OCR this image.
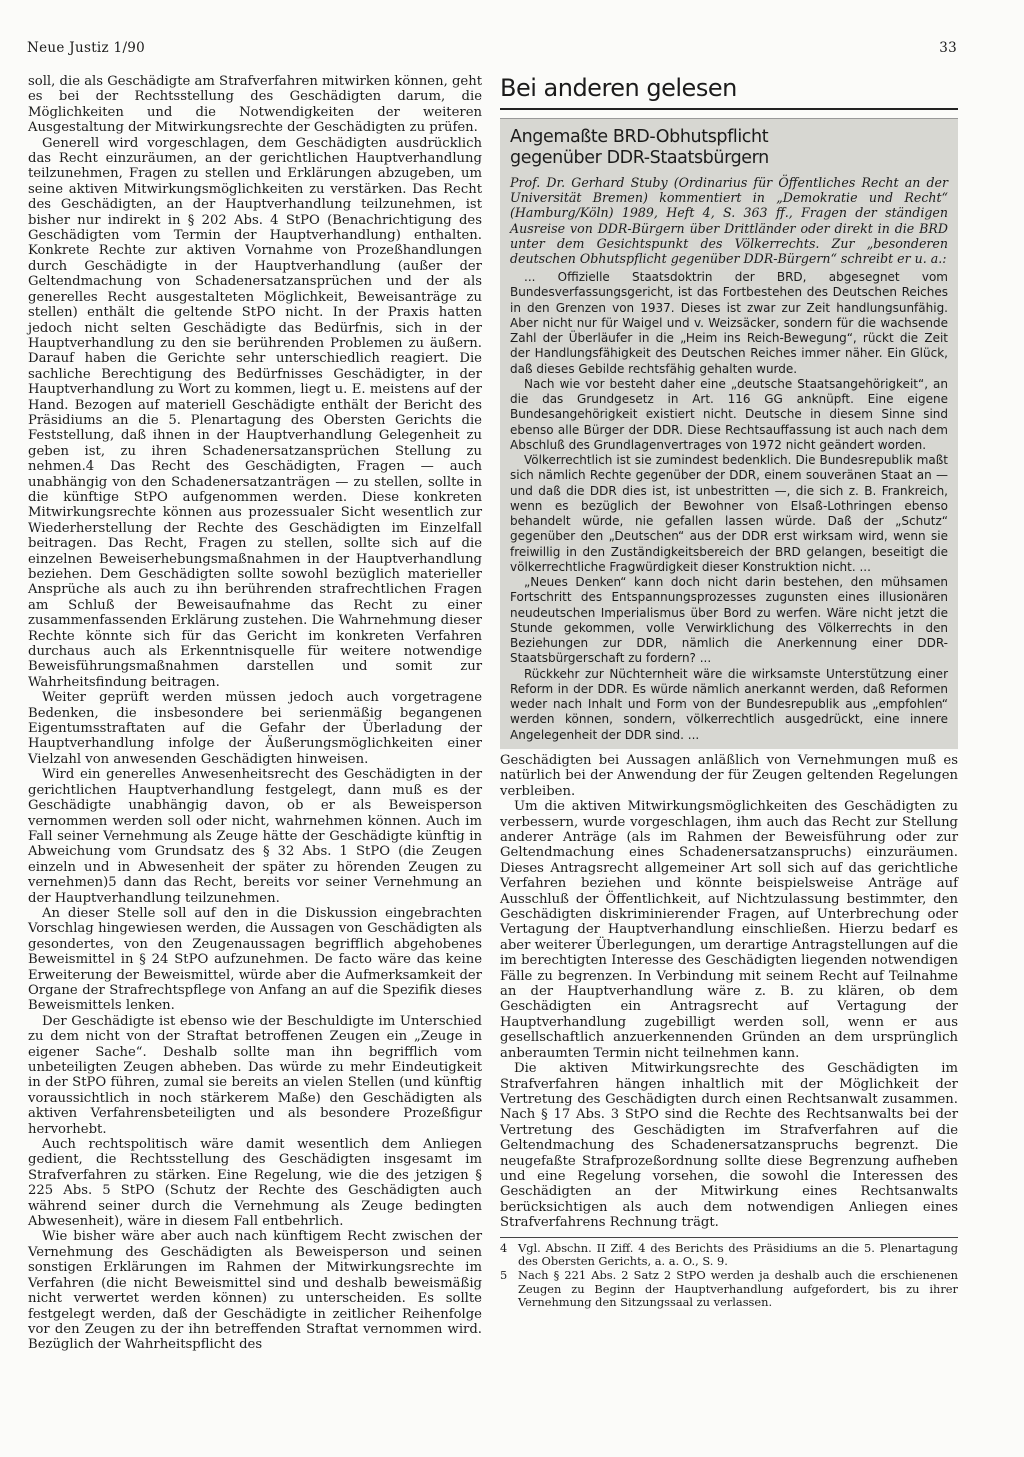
Neue Justiz 1/90	33

soll, die als Geschädigte am Strafverfahren mitwirken können, geht es bei der Rechtsstellung des Geschädigten darum, die Möglichkeiten und die Notwendigkeiten der weiteren Ausgestaltung der Mitwirkungsrechte der Geschädigten zu prüfen.

Generell wird vorgeschlagen, dem Geschädigten ausdrücklich das Recht einzuräumen, an der gerichtlichen Hauptverhandlung teilzunehmen, Fragen zu stellen und Erklärungen abzugeben, um seine aktiven Mitwirkungsmöglichkeiten zu verstärken. Das Recht des Geschädigten, an der Hauptverhandlung teilzunehmen, ist bisher nur indirekt in § 202 Abs. 4 StPO (Benachrichtigung des Geschädigten vom Termin der Hauptverhandlung) enthalten. Konkrete Rechte zur aktiven Vornahme von Prozeßhandlungen durch Geschädigte in der Hauptverhandlung (außer der Geltendmachung von Schadenersatzansprüchen und der als generelles Recht ausgestalteten Möglichkeit, Beweisanträge zu stellen) enthält die geltende StPO nicht. In der Praxis hatten jedoch nicht selten Geschädigte das Bedürfnis, sich in der Hauptverhandlung zu den sie berührenden Problemen zu äußern. Darauf haben die Gerichte sehr unterschiedlich reagiert. Die sachliche Berechtigung des Bedürfnisses Geschädigter, in der Hauptverhandlung zu Wort zu kommen, liegt u. E. meistens auf der Hand. Bezogen auf materiell Geschädigte enthält der Bericht des Präsidiums an die 5. Plenartagung des Obersten Gerichts die Feststellung, daß ihnen in der Hauptverhandlung Gelegenheit zu geben ist, zu ihren Schadenersatzansprüchen Stellung zu nehmen.4 Das Recht des Geschädigten, Fragen — auch unabhängig von den Schadenersatzanträgen — zu stellen, sollte in die künftige StPO aufgenommen werden. Diese konkreten Mitwirkungsrechte können aus prozessualer Sicht wesentlich zur Wiederherstellung der Rechte des Geschädigten im Einzelfall beitragen. Das Recht, Fragen zu stellen, sollte sich auf die einzelnen Beweiserhebungsmaßnahmen in der Hauptverhandlung beziehen. Dem Geschädigten sollte sowohl bezüglich materieller Ansprüche als auch zu ihn berührenden strafrechtlichen Fragen am Schluß der Beweisaufnahme das Recht zu einer zusammenfassenden Erklärung zustehen. Die Wahrnehmung dieser Rechte könnte sich für das Gericht im konkreten Verfahren durchaus auch als Erkenntnisquelle für weitere notwendige Beweisführungsmaßnahmen darstellen und somit zur Wahrheitsfindung beitragen.

Weiter geprüft werden müssen jedoch auch vorgetragene Bedenken, die insbesondere bei serienmäßig begangenen Eigentumsstraftaten auf die Gefahr der Überladung der Hauptverhandlung infolge der Äußerungsmöglichkeiten einer Vielzahl von anwesenden Geschädigten hinweisen.

Wird ein generelles Anwesenheitsrecht des Geschädigten in der gerichtlichen Hauptverhandlung festgelegt, dann muß es der Geschädigte unabhängig davon, ob er als Beweisperson vernommen werden soll oder nicht, wahrnehmen können. Auch im Fall seiner Vernehmung als Zeuge hätte der Geschädigte künftig in Abweichung vom Grundsatz des § 32 Abs. 1 StPO (die Zeugen einzeln und in Abwesenheit der später zu hörenden Zeugen zu vernehmen)5 dann das Recht, bereits vor seiner Vernehmung an der Hauptverhandlung teilzunehmen.

An dieser Stelle soll auf den in die Diskussion eingebrachten Vorschlag hingewiesen werden, die Aussagen von Geschädigten als gesondertes, von den Zeugenaussagen begrifflich abgehobenes Beweismittel in § 24 StPO aufzunehmen. De facto wäre das keine Erweiterung der Beweismittel, würde aber die Aufmerksamkeit der Organe der Strafrechtspflege von Anfang an auf die Spezifik dieses Beweismittels lenken.

Der Geschädigte ist ebenso wie der Beschuldigte im Unterschied zu dem nicht von der Straftat betroffenen Zeugen ein „Zeuge in eigener Sache“. Deshalb sollte man ihn begrifflich vom unbeteiligten Zeugen abheben. Das würde zu mehr Eindeutigkeit in der StPO führen, zumal sie bereits an vielen Stellen (und künftig voraussichtlich in noch stärkerem Maße) den Geschädigten als aktiven Verfahrensbeteiligten und als besondere Prozeßfigur hervorhebt.

Auch rechtspolitisch wäre damit wesentlich dem Anliegen gedient, die Rechtsstellung des Geschädigten insgesamt im Strafverfahren zu stärken. Eine Regelung, wie die des jetzigen § 225 Abs. 5 StPO (Schutz der Rechte des Geschädigten auch während seiner durch die Vernehmung als Zeuge bedingten Abwesenheit), wäre in diesem Fall entbehrlich.

Wie bisher wäre aber auch nach künftigem Recht zwischen der Vernehmung des Geschädigten als Beweisperson und seinen sonstigen Erklärungen im Rahmen der Mitwirkungsrechte im Verfahren (die nicht Beweismittel sind und deshalb beweismäßig nicht verwertet werden können) zu unterscheiden. Es sollte festgelegt werden, daß der Geschädigte in zeitlicher Reihenfolge vor den Zeugen zu der ihn betreffenden Straftat vernommen wird. Bezüglich der Wahrheitspflicht des

Bei anderen gelesen
Angemaßte BRD-Obhutspflicht
gegenüber DDR-Staatsbürgern
Prof. Dr. Gerhard Stuby (Ordinarius für Öffentliches Recht an der Universität Bremen) kommentiert in „Demokratie und Recht“ (Hamburg/Köln) 1989, Heft 4, S. 363 ff., Fragen der ständigen Ausreise von DDR-Bürgern über Drittländer oder direkt in die BRD unter dem Gesichtspunkt des Völkerrechts. Zur „besonderen deutschen Obhutspflicht gegenüber DDR-Bürgern“ schreibt er u. a.:

... Offizielle Staatsdoktrin der BRD, abgesegnet vom Bundesverfassungsgericht, ist das Fortbestehen des Deutschen Reiches in den Grenzen von 1937. Dieses ist zwar zur Zeit handlungsunfähig. Aber nicht nur für Waigel und v. Weizsäcker, sondern für die wachsende Zahl der Überläufer in die „Heim ins Reich-Bewegung“, rückt die Zeit der Handlungsfähigkeit des Deutschen Reiches immer näher. Ein Glück, daß dieses Gebilde rechtsfähig gehalten wurde.

Nach wie vor besteht daher eine „deutsche Staatsangehörigkeit“, an die das Grundgesetz in Art. 116 GG anknüpft. Eine eigene Bundesangehörigkeit existiert nicht. Deutsche in diesem Sinne sind ebenso alle Bürger der DDR. Diese Rechtsauffassung ist auch nach dem Abschluß des Grundlagenvertrages von 1972 nicht geändert worden.

Völkerrechtlich ist sie zumindest bedenklich. Die Bundesrepublik maßt sich nämlich Rechte gegenüber der DDR, einem souveränen Staat an — und daß die DDR dies ist, ist unbestritten —, die sich z. B. Frankreich, wenn es bezüglich der Bewohner von Elsaß-Lothringen ebenso behandelt würde, nie gefallen lassen würde. Daß der „Schutz“ gegenüber den „Deutschen“ aus der DDR erst wirksam wird, wenn sie freiwillig in den Zuständigkeitsbereich der BRD gelangen, beseitigt die völkerrechtliche Fragwürdigkeit dieser Konstruktion nicht. ...

„Neues Denken“ kann doch nicht darin bestehen, den mühsamen Fortschritt des Entspannungsprozesses zugunsten eines illusionären neudeutschen Imperialismus über Bord zu werfen. Wäre nicht jetzt die Stunde gekommen, volle Verwirklichung des Völkerrechts in den Beziehungen zur DDR, nämlich die Anerkennung einer DDR-Staatsbürgerschaft zu fordern? ...

Rückkehr zur Nüchternheit wäre die wirksamste Unterstützung einer Reform in der DDR. Es würde nämlich anerkannt werden, daß Reformen weder nach Inhalt und Form von der Bundesrepublik aus „empfohlen“ werden können, sondern, völkerrechtlich ausgedrückt, eine innere Angelegenheit der DDR sind. ...

Geschädigten bei Aussagen anläßlich von Vernehmungen muß es natürlich bei der Anwendung der für Zeugen geltenden Regelungen verbleiben.

Um die aktiven Mitwirkungsmöglichkeiten des Geschädigten zu verbessern, wurde vorgeschlagen, ihm auch das Recht zur Stellung anderer Anträge (als im Rahmen der Beweisführung oder zur Geltendmachung eines Schadenersatzanspruchs) einzuräumen. Dieses Antragsrecht allgemeiner Art soll sich auf das gerichtliche Verfahren beziehen und könnte beispielsweise Anträge auf Ausschluß der Öffentlichkeit, auf Nichtzulassung bestimmter, den Geschädigten diskriminierender Fragen, auf Unterbrechung oder Vertagung der Hauptverhandlung einschließen. Hierzu bedarf es aber weiterer Überlegungen, um derartige Antragstellungen auf die im berechtigten Interesse des Geschädigten liegenden notwendigen Fälle zu begrenzen. In Verbindung mit seinem Recht auf Teilnahme an der Hauptverhandlung wäre z. B. zu klären, ob dem Geschädigten ein Antragsrecht auf Vertagung der Hauptverhandlung zugebilligt werden soll, wenn er aus gesellschaftlich anzuerkennenden Gründen an dem ursprünglich anberaumten Termin nicht teilnehmen kann.

Die aktiven Mitwirkungsrechte des Geschädigten im Strafverfahren hängen inhaltlich mit der Möglichkeit der Vertretung des Geschädigten durch einen Rechtsanwalt zusammen. Nach § 17 Abs. 3 StPO sind die Rechte des Rechtsanwalts bei der Vertretung des Geschädigten im Strafverfahren auf die Geltendmachung des Schadenersatzanspruchs begrenzt. Die neugefaßte Strafprozeßordnung sollte diese Begrenzung aufheben und eine Regelung vorsehen, die sowohl die Interessen des Geschädigten an der Mitwirkung eines Rechtsanwalts berücksichtigen als auch dem notwendigen Anliegen eines Strafverfahrens Rechnung trägt.

4 Vgl. Abschn. II Ziff. 4 des Berichts des Präsidiums an die 5. Plenartagung des Obersten Gerichts, a. a. O., S. 9.
5 Nach § 221 Abs. 2 Satz 2 StPO werden ja deshalb auch die erschienenen Zeugen zu Beginn der Hauptverhandlung aufgefordert, bis zu ihrer Vernehmung den Sitzungssaal zu verlassen.
